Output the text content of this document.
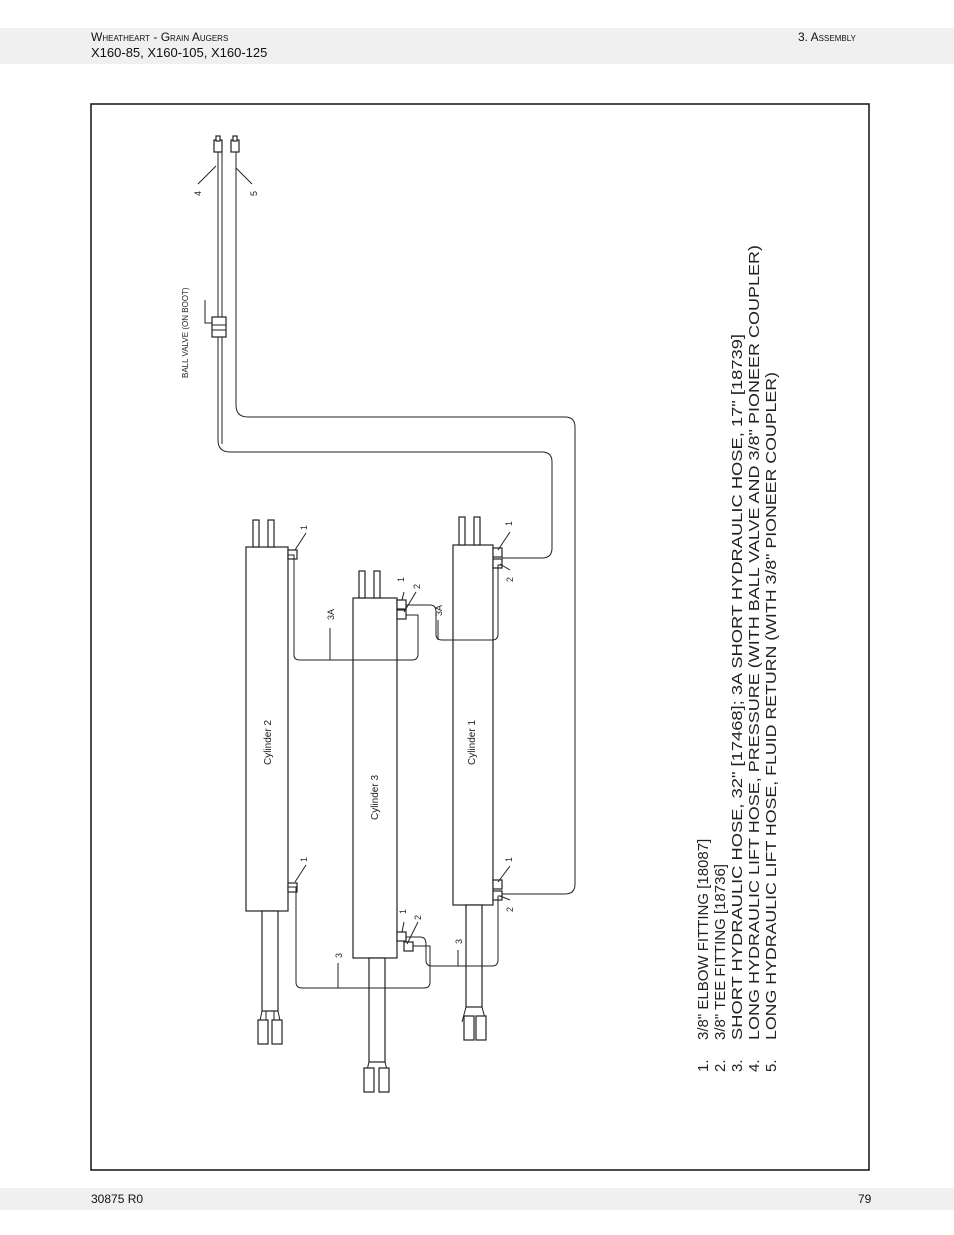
Wheatheart - Grain Augers
X160-85, X160-105, X160-125
3. Assembly
BALL VALVE (ON BOOT)
4	5
Cylinder 2
Cylinder 3
Cylinder 1
1
1
1
2
1
2
1
2
1
2
3A	3A
3
3
1.
3/8" ELBOW FITTING [18087]
2.
3/8" TEE FITTING [18736]
3.
SHORT HYDRAULIC HOSE, 32" [17468]; 3A SHORT HYDRAULIC HOSE, 17" [18739]
4.
LONG HYDRAULIC LIFT HOSE, PRESSURE (WITH BALL VALVE AND 3/8" PIONEER COUPLER)
5.
LONG HYDRAULIC LIFT HOSE, FLUID RETURN (WITH 3/8" PIONEER COUPLER)
30875 R0	79
